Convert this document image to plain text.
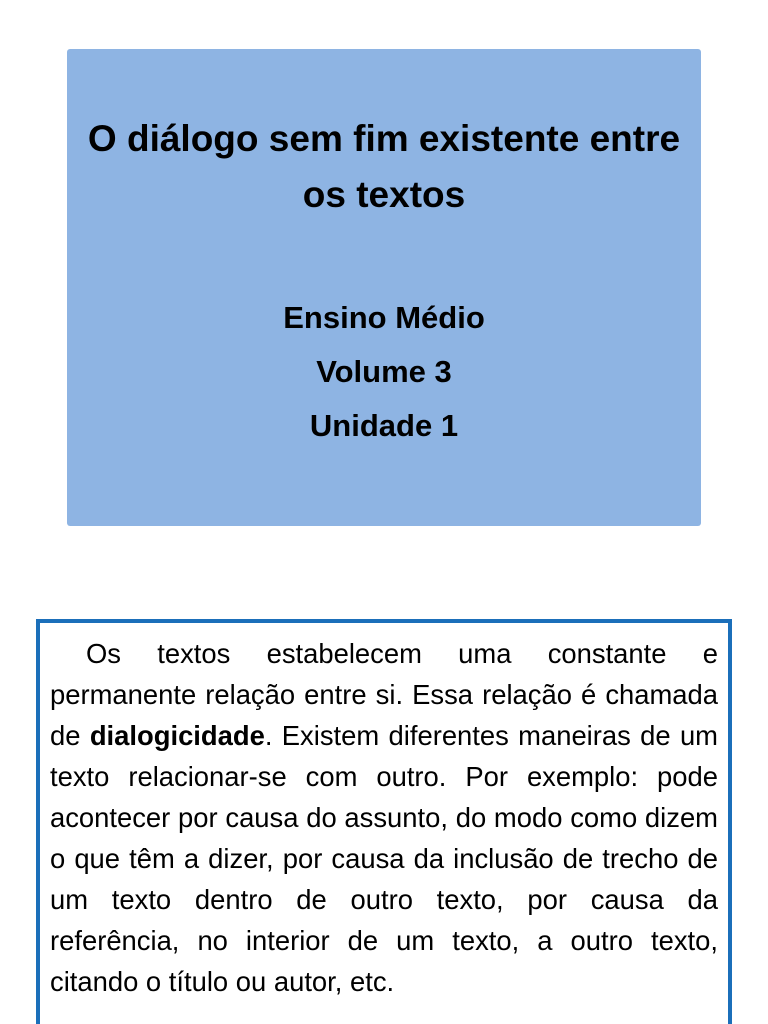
O diálogo sem fim existente entre os textos
Ensino Médio
Volume 3
Unidade 1

Os textos estabelecem uma constante e permanente relação entre si. Essa relação é chamada de dialogicidade. Existem diferentes maneiras de um texto relacionar-se com outro. Por exemplo: pode acontecer por causa do assunto, do modo como dizem o que têm a dizer, por causa da inclusão de trecho de um texto dentro de outro texto, por causa da referência, no interior de um texto, a outro texto, citando o título ou autor, etc.
